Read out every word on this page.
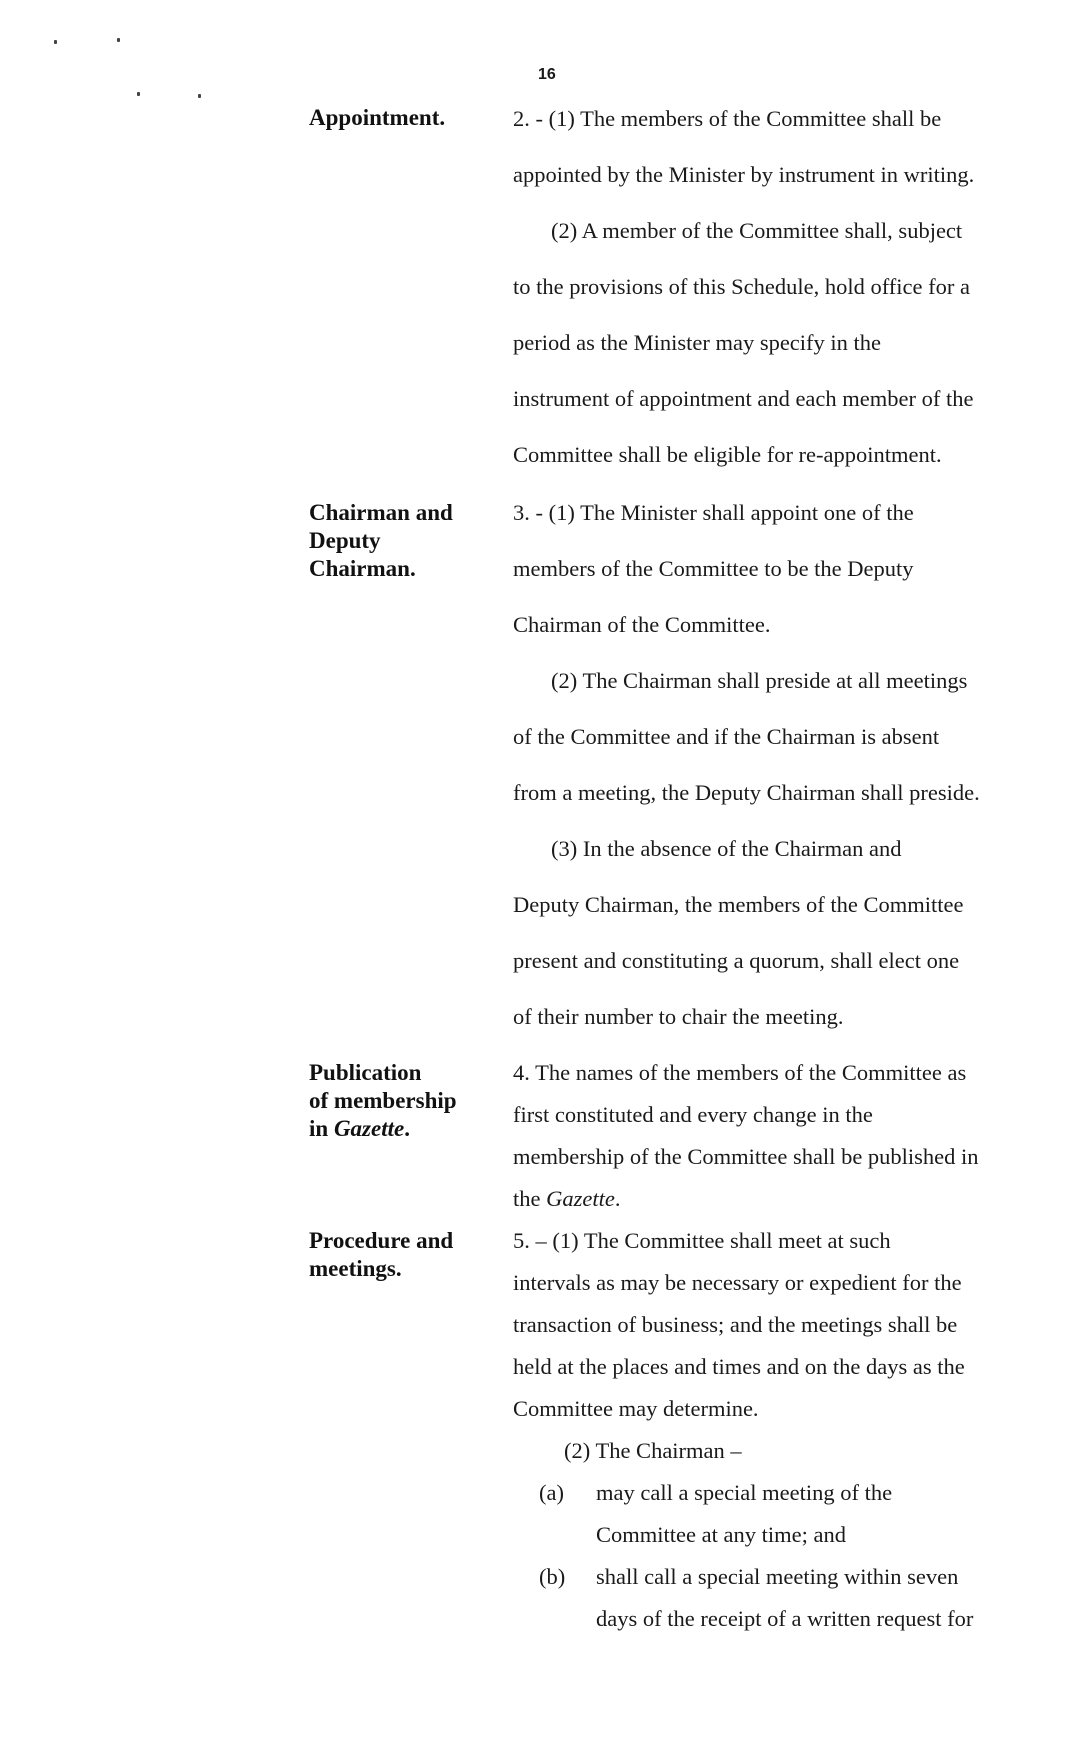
16
Appointment.	2. - (1) The members of the Committee shall be
appointed by the Minister by instrument in writing.
(2) A member of the Committee shall, subject
to the provisions of this Schedule, hold office for a
period as the Minister may specify in the
instrument of appointment and each member of the
Committee shall be eligible for re-appointment.
Chairman and
Deputy
Chairman.
3. - (1) The Minister shall appoint one of the
members of the Committee to be the Deputy
Chairman of the Committee.
(2) The Chairman shall preside at all meetings
of the Committee and if the Chairman is absent
from a meeting, the Deputy Chairman shall preside.
(3) In the absence of the Chairman and
Deputy Chairman, the members of the Committee
present and constituting a quorum, shall elect one
of their number to chair the meeting.
Publication
of membership
in Gazette.
4. The names of the members of the Committee as
first constituted and every change in the
membership of the Committee shall be published in
the Gazette.
Procedure and
meetings.
5. – (1) The Committee shall meet at such
intervals as may be necessary or expedient for the
transaction of business; and the meetings shall be
held at the places and times and on the days as the
Committee may determine.
(2) The Chairman –
(a) may call a special meeting of the
Committee at any time; and
(b) shall call a special meeting within seven
days of the receipt of a written request for
